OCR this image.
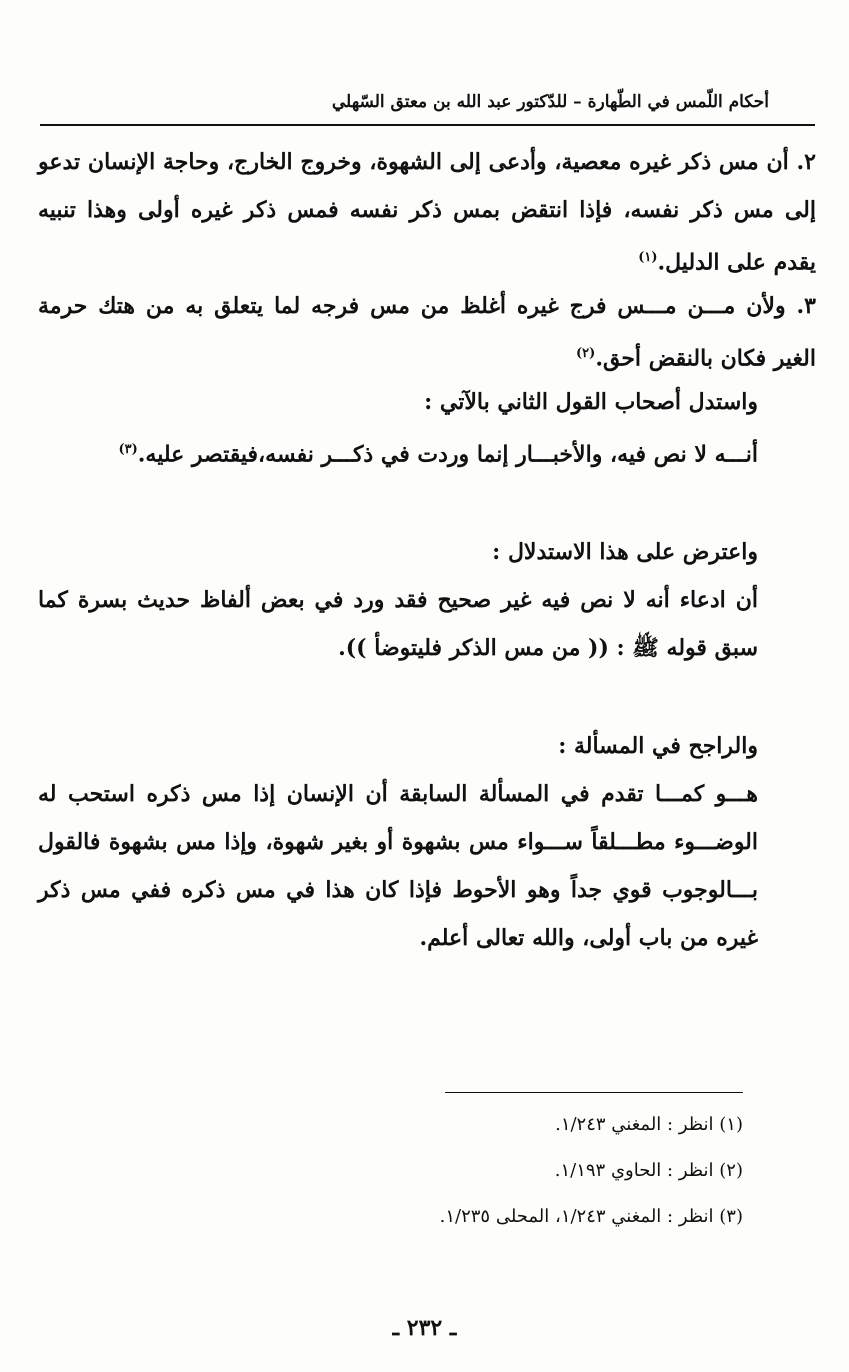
أحكام اللّمس في الطّهارة – للدّكتور عبد الله بن معتق السّهلي
٢. أن مس ذكر غيره معصية، وأدعى إلى الشهوة، وخروج الخارج، وحاجة الإنسان تدعو إلى مس ذكر نفسه، فإذا انتقض بمس ذكر نفسه فمس ذكر غيره أولى وهذا تنبيه يقدم على الدليل.$^{(١)}$
٣. ولأن مـــن مـــس فرج غيره أغلظ من مس فرجه لما يتعلق به من هتك حرمة الغير فكان بالنقض أحق.$^{(٢)}$
واستدل أصحاب القول الثاني بالآتي :
أنـــه لا نص فيه، والأخبـــار إنما وردت في ذكـــر نفسه،فيقتصر عليه.$^{(٣)}$
واعترض على هذا الاستدلال :
أن ادعاء أنه لا نص فيه غير صحيح فقد ورد في بعض ألفاظ حديث بسرة كما سبق قوله ﷺ : (( من مس الذكر فليتوضأ )).
والراجح في المسألة :
هـــو كمـــا تقدم في المسألة السابقة أن الإنسان إذا مس ذكره استحب له الوضـــوء مطـــلقاً ســـواء مس بشهوة أو بغير شهوة، وإذا مس بشهوة فالقول بـــالوجوب قوي جداً وهو الأحوط فإذا كان هذا في مس ذكره ففي مس ذكر غيره من باب أولى، والله تعالى أعلم.
(١) انظر : المغني ١/٢٤٣.
(٢) انظر : الحاوي ١/١٩٣.
(٣) انظر : المغني ١/٢٤٣، المحلى ١/٢٣٥.
ـ ٢٣٢ ـ
